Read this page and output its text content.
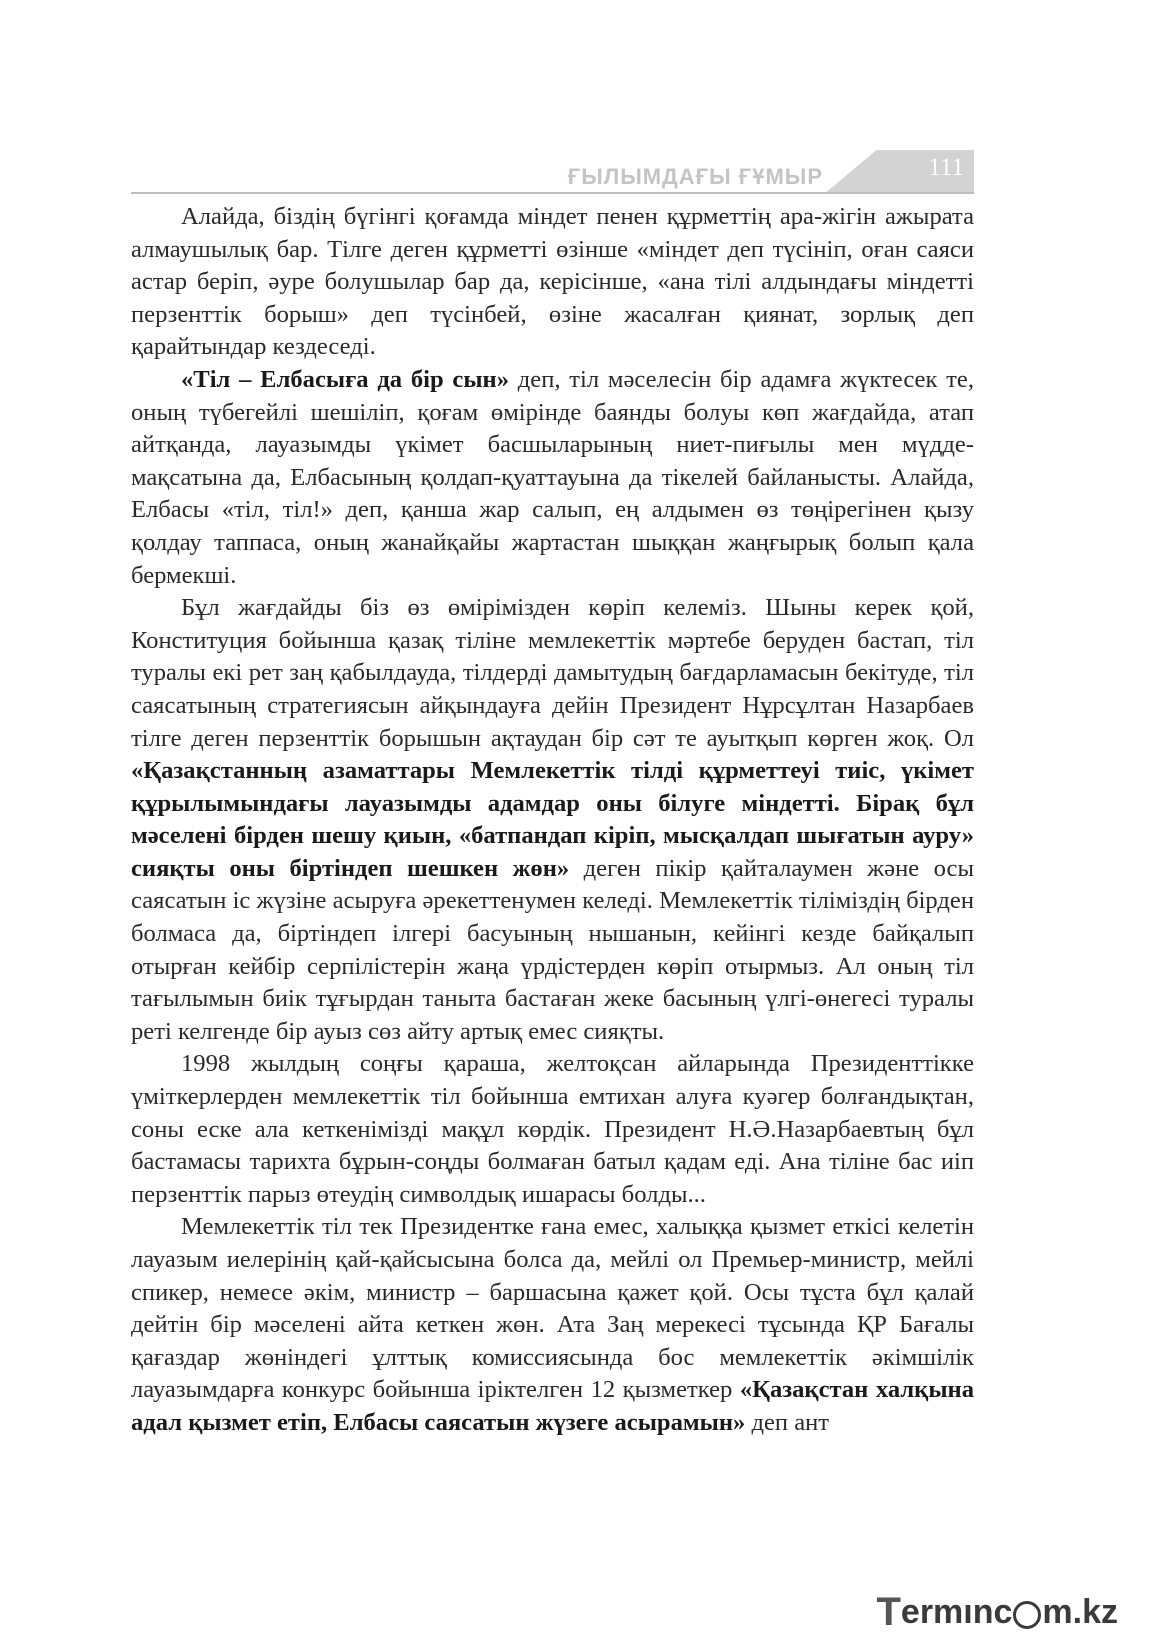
ҒЫЛЫМДАҒЫ ҒҰМЫР	111

Алайда, біздің бүгінгі қоғамда міндет пенен құрметтің ара-жігін ажырата алмаушылық бар. Тілге деген құрметті өзінше «міндет деп түсініп, оған саяси астар беріп, әуре болушылар бар да, керісінше, «ана тілі алдындағы міндетті перзенттік борыш» деп түсінбей, өзіне жасалған қиянат, зорлық деп қарайтындар кездеседі.

«Тіл – Елбасыға да бір сын» деп, тіл мәселесін бір адамға жүктесек те, оның түбегейлі шешіліп, қоғам өмірінде баянды болуы көп жағдайда, атап айтқанда, лауазымды үкімет басшыларының ниет-пиғылы мен мүдде-мақсатына да, Елбасының қолдап-қуаттауына да тікелей байланысты. Алайда, Елбасы «тіл, тіл!» деп, қанша жар салып, ең алдымен өз төңірегінен қызу қолдау таппаса, оның жанайқайы жартастан шыққан жаңғырық болып қала бермекші.

Бұл жағдайды біз өз өмірімізден көріп келеміз. Шыны керек қой, Конституция бойынша қазақ тіліне мемлекеттік мәртебе беруден бастап, тіл туралы екі рет заң қабылдауда, тілдерді дамытудың бағдарламасын бекітуде, тіл саясатының стратегиясын айқындауға дейін Президент Нұрсұлтан Назарбаев тілге деген перзенттік борышын ақтаудан бір сәт те ауытқып көрген жоқ. Ол «Қазақстанның азаматтары Мемлекеттік тілді құрметтеуі тиіс, үкімет құрылымындағы лауазымды адамдар оны білуге міндетті. Бірақ бұл мәселені бірден шешу қиын, «батпандап кіріп, мысқалдап шығатын ауру» сияқты оны біртіндеп шешкен жөн» деген пікір қайталаумен және осы саясатын іс жүзіне асыруға әрекеттенумен келеді. Мемлекеттік тіліміздің бірден болмаса да, біртіндеп ілгері басуының нышанын, кейінгі кезде байқалып отырған кейбір серпілістерін жаңа үрдістерден көріп отырмыз. Ал оның тіл тағылымын биік тұғырдан таныта бастаған жеке басының үлгі-өнегесі туралы реті келгенде бір ауыз сөз айту артық емес сияқты.

1998 жылдың соңғы қараша, желтоқсан айларында Президенттікке үміткерлерден мемлекеттік тіл бойынша емтихан алуға куәгер болғандықтан, соны еске ала кеткенімізді мақұл көрдік. Президент Н.Ә.Назарбаевтың бұл бастамасы тарихта бұрын-соңды болмаған батыл қадам еді. Ана тіліне бас иіп перзенттік парыз өтеудің символдық ишарасы болды...

Мемлекеттік тіл тек Президентке ғана емес, халыққа қызмет еткісі келетін лауазым иелерінің қай-қайсысына болса да, мейлі ол Премьер-министр, мейлі спикер, немесе әкім, министр – баршасына қажет қой. Осы тұста бұл қалай дейтін бір мәселені айта кеткен жөн. Ата Заң мерекесі тұсында ҚР Бағалы қағаздар жөніндегі ұлттық комиссиясында бос мемлекеттік әкімшілік лауазымдарға конкурс бойынша іріктелген 12 қызметкер «Қазақстан халқына адал қызмет етіп, Елбасы саясатын жүзеге асырамын» деп ант

T ermınc m.kz
